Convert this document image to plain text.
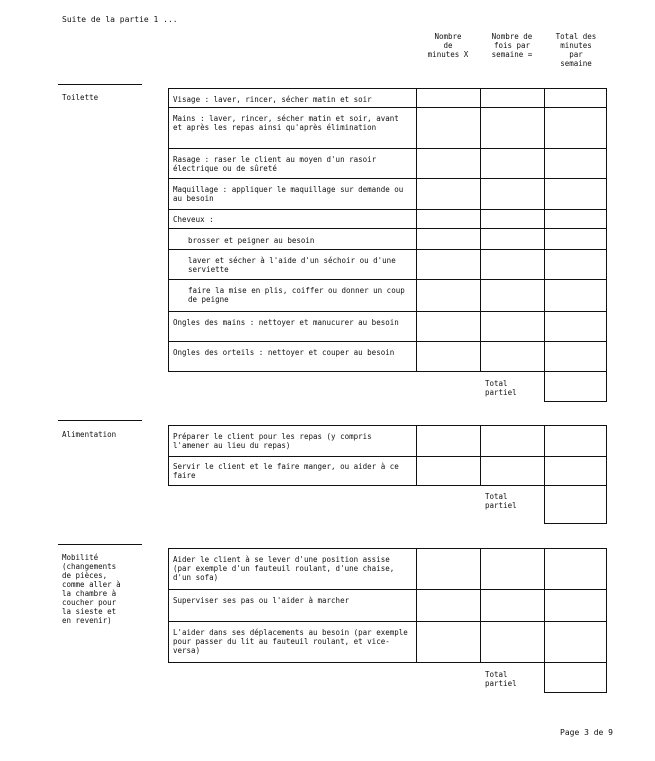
Suite de la partie 1 ...
Nombre
de
minutes X
Nombre de
fois par
semaine =
Total des
minutes
par
semaine
Toilette	Visage : laver, rincer, sécher matin et soir
Mains : laver, rincer, sécher matin et soir, avant et après les repas ainsi qu'après élimination
Rasage : raser le client au moyen d'un rasoir électrique ou de sûreté
Maquillage : appliquer le maquillage sur demande ou au besoin
Cheveux :
brosser et peigner au besoin
laver et sécher à l'aide d'un séchoir ou d'une serviette
faire la mise en plis, coiffer ou donner un coup de peigne
Ongles des mains : nettoyer et manucurer au besoin
Ongles des orteils : nettoyer et couper au besoin
Total
partiel
Alimentation	Préparer le client pour les repas (y compris l'amener au lieu du repas)
Servir le client et le faire manger, ou aider à ce faire
Total
partiel
Mobilité
(changements
de pièces,
comme aller à
la chambre à
coucher pour
la sieste et
en revenir)
Aider le client à se lever d'une position assise (par exemple d'un fauteuil roulant, d'une chaise, d'un sofa)
Superviser ses pas ou l'aider à marcher
L'aider dans ses déplacements au besoin (par exemple pour passer du lit au fauteuil roulant, et vice-versa)
Total
partiel
Page 3 de 9
